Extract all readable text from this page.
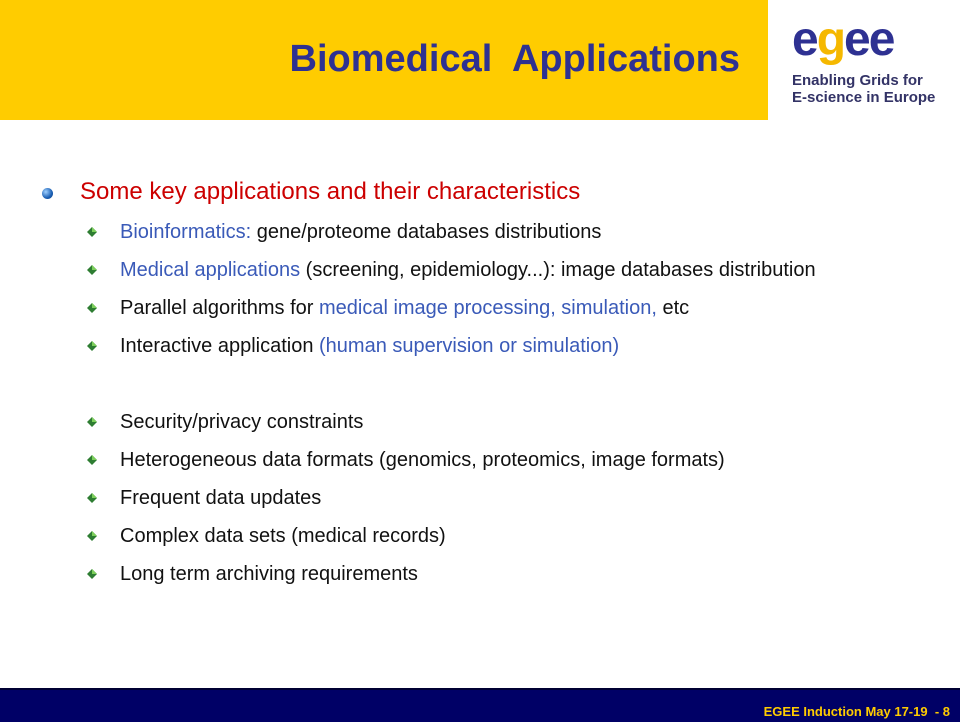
Biomedical  Applications egee
Enabling Grids for
E-science in Europe
Some key applications and their characteristics
Bioinformatics: gene/proteome databases distributions
Medical applications (screening, epidemiology...): image databases distribution
Parallel algorithms for medical image processing, simulation, etc
Interactive application (human supervision or simulation)
Security/privacy constraints
Heterogeneous data formats (genomics, proteomics, image formats)
Frequent data updates
Complex data sets (medical records)
Long term archiving requirements
EGEE Induction May 17-19  - 8
